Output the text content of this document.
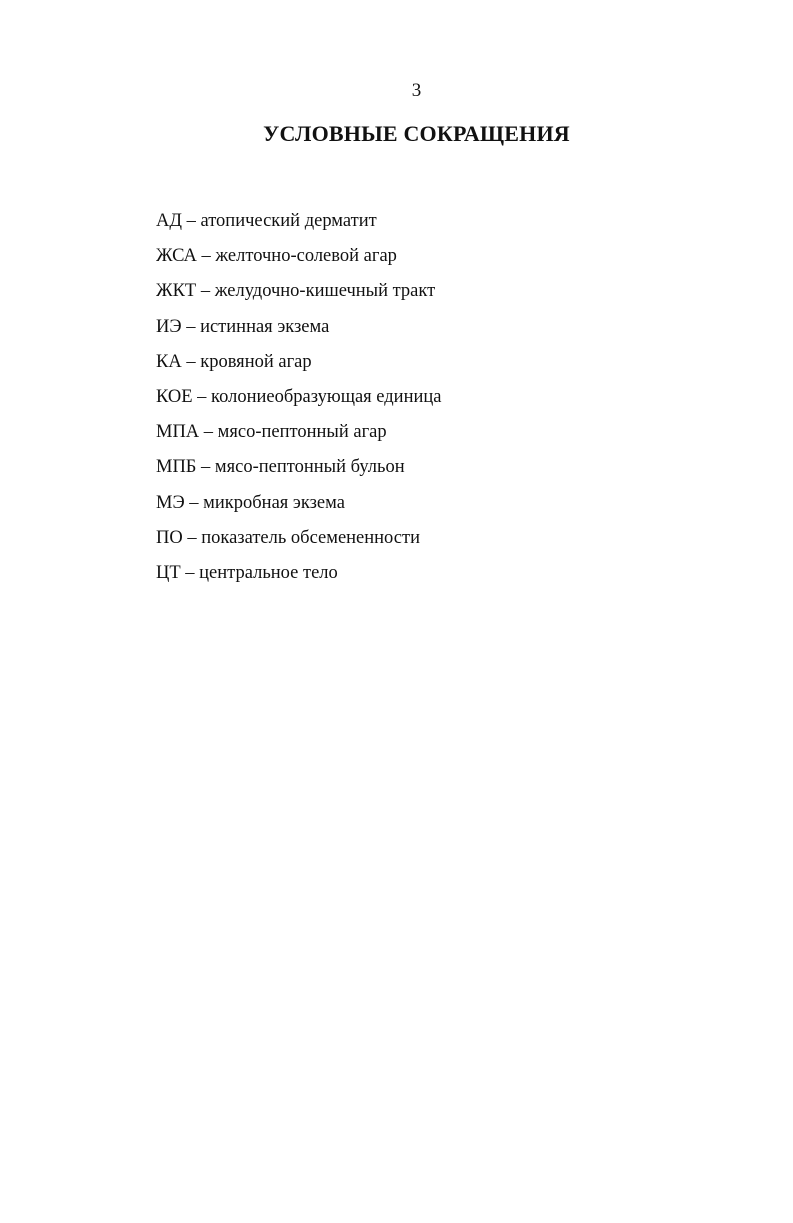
3
УСЛОВНЫЕ СОКРАЩЕНИЯ
АД – атопический дерматит
ЖСА – желточно-солевой агар
ЖКТ – желудочно-кишечный тракт
ИЭ – истинная экзема
КА – кровяной агар
КОЕ – колониеобразующая единица
МПА – мясо-пептонный агар
МПБ – мясо-пептонный бульон
МЭ – микробная экзема
ПО – показатель обсемененности
ЦТ – центральное тело
